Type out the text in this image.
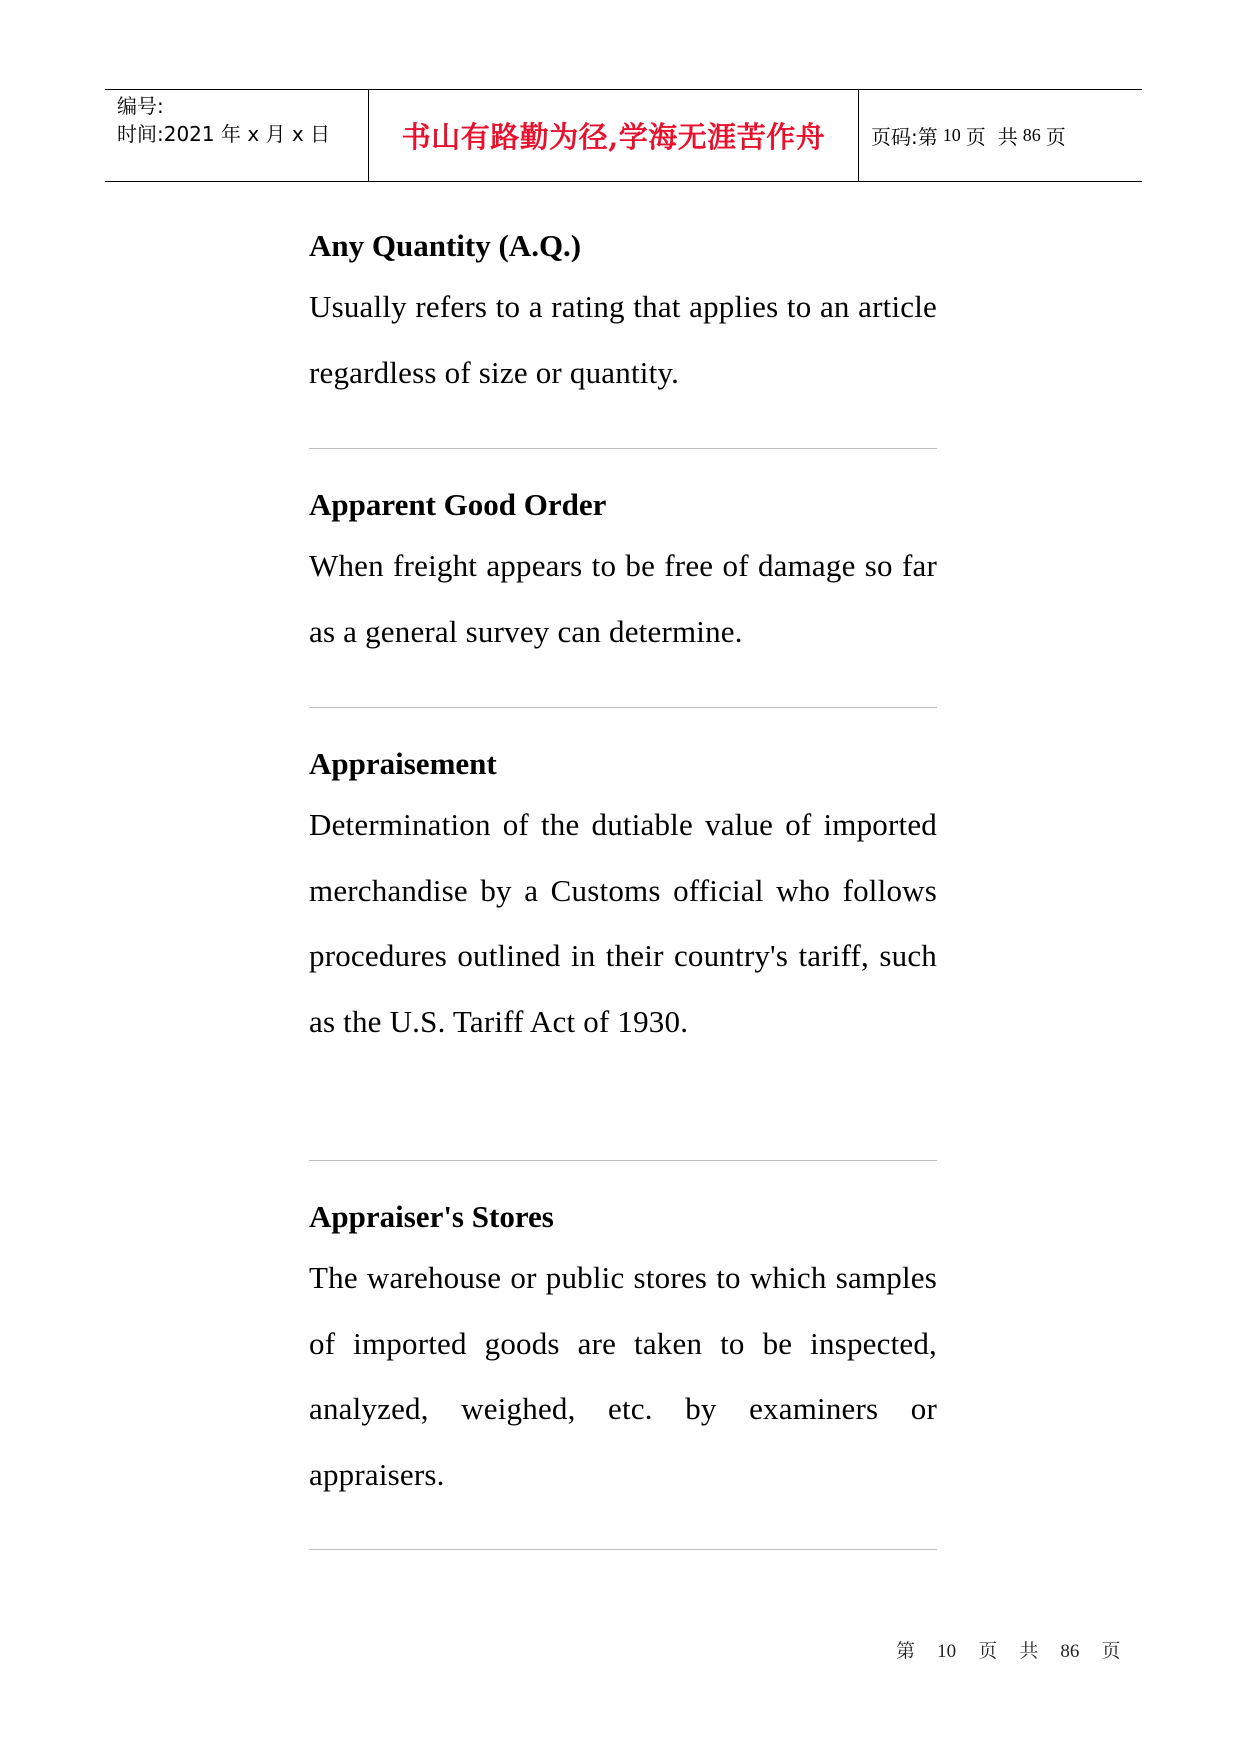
编号:
时间:2021 年 x 月 x 日	书山有路勤为径,学海无涯苦作舟 页码:第 10 页 共 86 页

Any Quantity (A.Q.)

Usually refers to a rating that applies to an article regardless of size or quantity.

Apparent Good Order

When freight appears to be free of damage so far as a general survey can determine.

Appraisement

Determination of the dutiable value of imported merchandise by a Customs official who follows procedures outlined in their country's tariff, such as the U.S. Tariff Act of 1930.

Appraiser's Stores

The warehouse or public stores to which samples of imported goods are taken to be inspected, analyzed, weighed, etc. by examiners or appraisers.

第 10 页 共 86 页
